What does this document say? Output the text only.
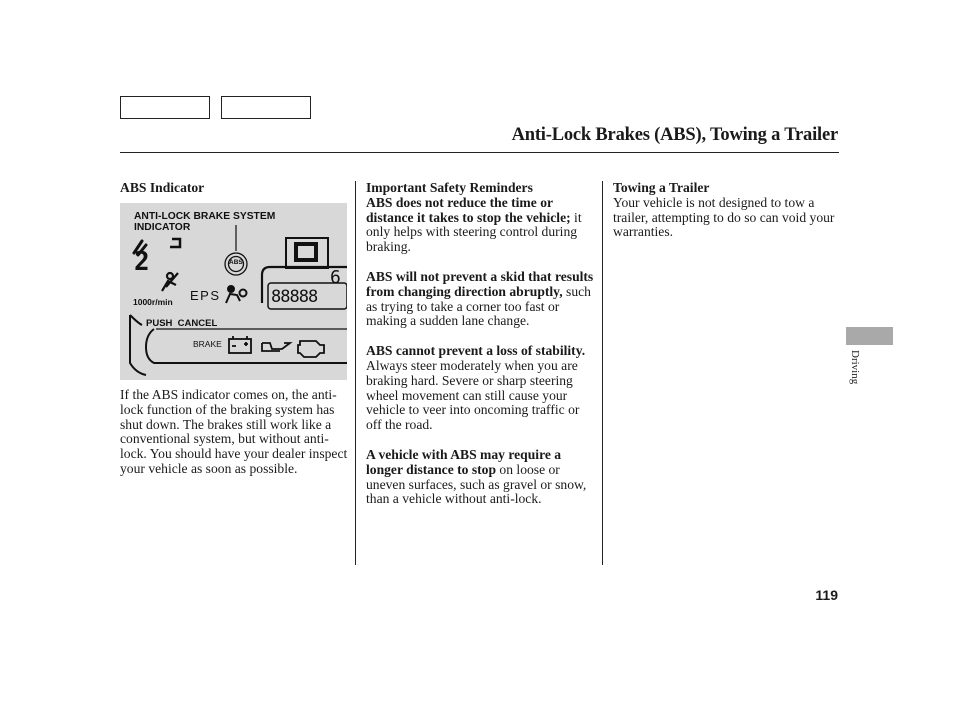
Anti-Lock Brakes (ABS), Towing a Trailer

ABS Indicator

ANTI-LOCK BRAKE SYSTEM
INDICATOR
ABS
2
6
EPS
1000r/min	88888
PUSH  CANCEL
BRAKE

If the ABS indicator comes on, the anti-lock function of the braking system has shut down. The brakes still work like a conventional system, but without anti-lock. You should have your dealer inspect your vehicle as soon as possible.

Important Safety Reminders

ABS does not reduce the time or distance it takes to stop the vehicle; it only helps with steering control during braking.

ABS will not prevent a skid that results from changing direction abruptly, such as trying to take a corner too fast or making a sudden lane change.

ABS cannot prevent a loss of stability. Always steer moderately when you are braking hard. Severe or sharp steering wheel movement can still cause your vehicle to veer into oncoming traffic or off the road.

A vehicle with ABS may require a longer distance to stop on loose or uneven surfaces, such as gravel or snow, than a vehicle without anti-lock.

Towing a Trailer

Your vehicle is not designed to tow a trailer, attempting to do so can void your warranties.

Driving
119
